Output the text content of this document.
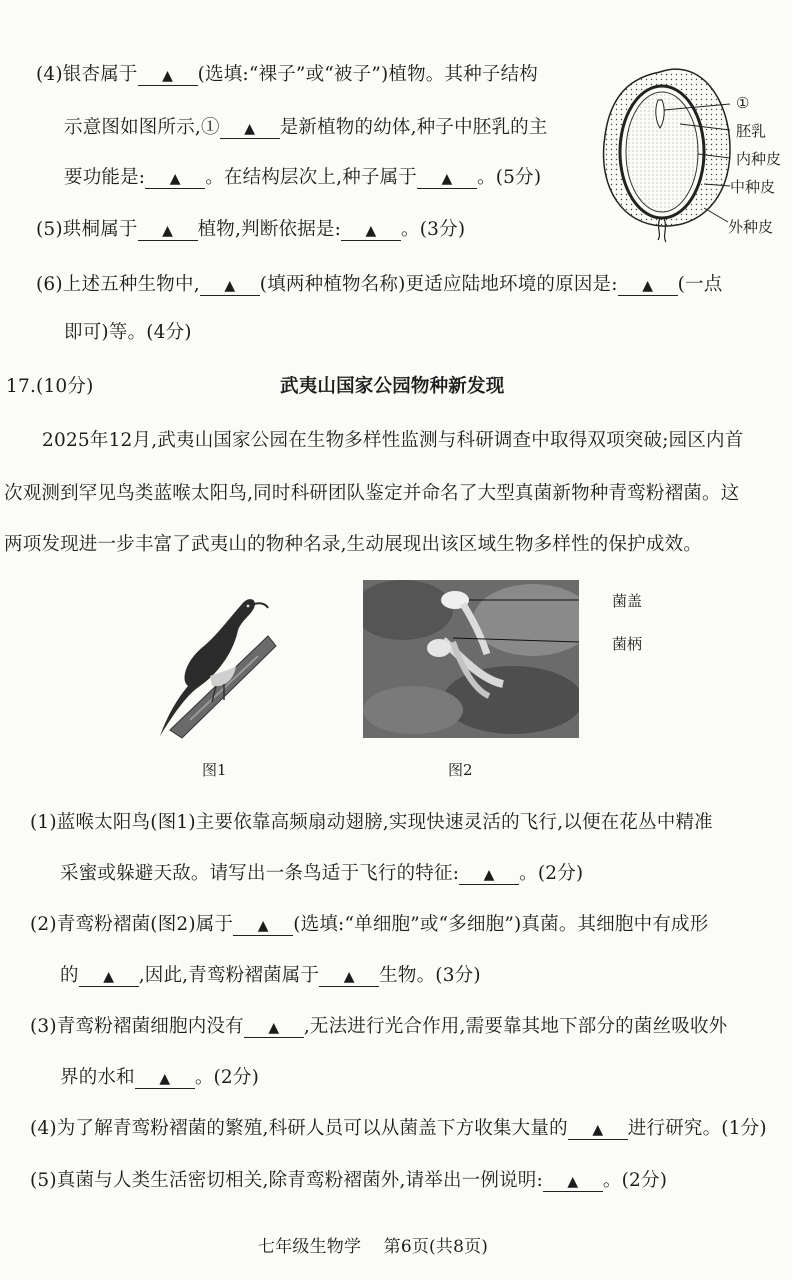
(4)银杏属于 ▲ (选填:“裸子”或“被子”)植物。其种子结构
示意图如图所示,① ▲ 是新植物的幼体,种子中胚乳的主
要功能是: ▲ 。在结构层次上,种子属于 ▲ 。(5分)
①
胚乳
内种皮
中种皮
外种皮
(5)珙桐属于 ▲ 植物,判断依据是: ▲ 。(3分)
(6)上述五种生物中, ▲ (填两种植物名称)更适应陆地环境的原因是: ▲ (一点
即可)等。(4分)
17.(10分)	武夷山国家公园物种新发现
2025年12月,武夷山国家公园在生物多样性监测与科研调查中取得双项突破;园区内首
次观测到罕见鸟类蓝喉太阳鸟,同时科研团队鉴定并命名了大型真菌新物种青鸾粉褶菌。这
两项发现进一步丰富了武夷山的物种名录,生动展现出该区域生物多样性的保护成效。
图1
菌盖
菌柄
图2
(1)蓝喉太阳鸟(图1)主要依靠高频扇动翅膀,实现快速灵活的飞行,以便在花丛中精准
采蜜或躲避天敌。请写出一条鸟适于飞行的特征: ▲ 。(2分)
(2)青鸾粉褶菌(图2)属于 ▲ (选填:“单细胞”或“多细胞”)真菌。其细胞中有成形
的 ▲ ,因此,青鸾粉褶菌属于 ▲ 生物。(3分)
(3)青鸾粉褶菌细胞内没有 ▲ ,无法进行光合作用,需要靠其地下部分的菌丝吸收外
界的水和 ▲ 。(2分)
(4)为了解青鸾粉褶菌的繁殖,科研人员可以从菌盖下方收集大量的 ▲ 进行研究。(1分)
(5)真菌与人类生活密切相关,除青鸾粉褶菌外,请举出一例说明: ▲ 。(2分)
七年级生物学    第6页(共8页)
